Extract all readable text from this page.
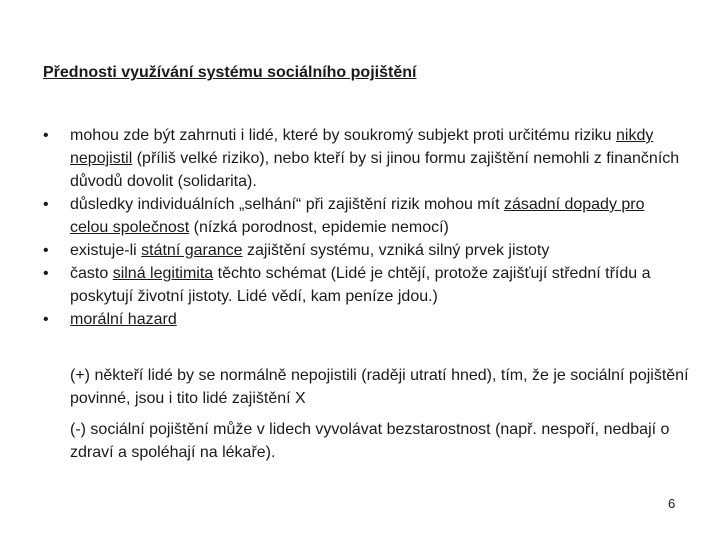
Přednosti využívání systému sociálního pojištění
• mohou zde být zahrnuti i lidé, které by soukromý subjekt proti určitému riziku nikdy nepojistil (příliš velké riziko), nebo kteří by si jinou formu zajištění nemohli z finančních důvodů dovolit (solidarita).
• důsledky individuálních „selhání“ při zajištění rizik mohou mít zásadní dopady pro celou společnost (nízká porodnost, epidemie nemocí)
• existuje-li státní garance zajištění systému, vzniká silný prvek jistoty
• často silná legitimita těchto schémat (Lidé je chtějí, protože zajišťují střední třídu a poskytují životní jistoty. Lidé vědí, kam peníze jdou.)
• morální hazard
(+) někteří lidé by se normálně nepojistili (raději utratí hned), tím, že je sociální pojištění povinné, jsou i tito lidé zajištění X
(-) sociální pojištění může v lidech vyvolávat bezstarostnost (např. nespoří, nedbají o zdraví a spoléhají na lékaře).
6
